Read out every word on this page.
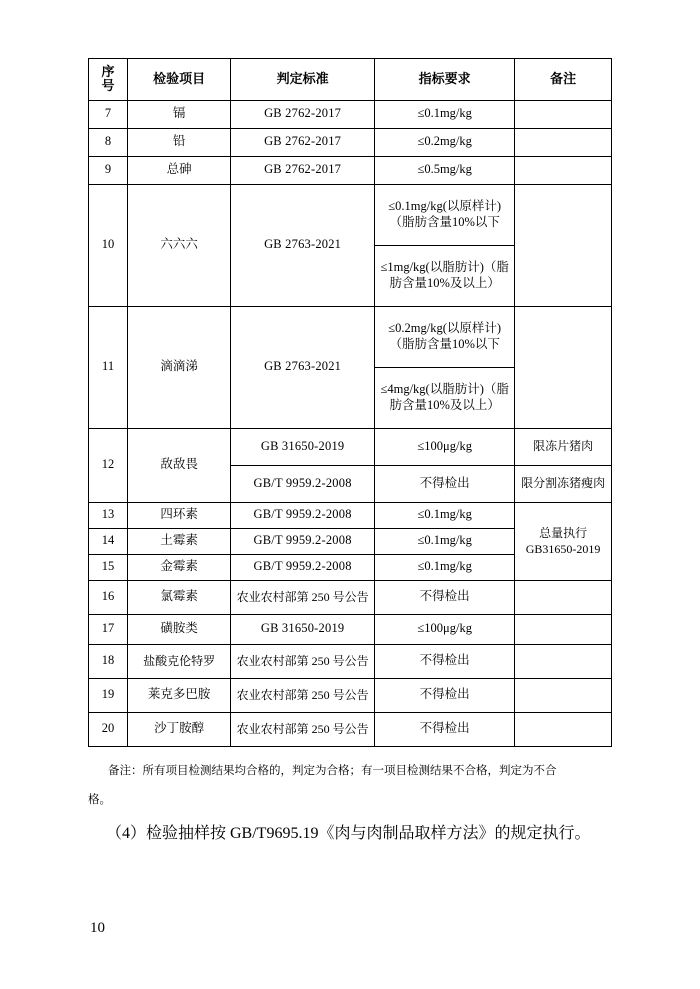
序号	检验项目	判定标准	指标要求	备注
7	镉	GB 2762-2017	≤0.1mg/kg	
8	铅	GB 2762-2017	≤0.2mg/kg	
9	总砷	GB 2762-2017	≤0.5mg/kg	
10	六六六	GB 2763-2021	≤0.1mg/kg(以原样计)（脂肪含量10%以下	
			≤1mg/kg(以脂肪计)（脂肪含量10%及以上）	
11	滴滴涕	GB 2763-2021	≤0.2mg/kg(以原样计)（脂肪含量10%以下	
			≤4mg/kg(以脂肪计)（脂肪含量10%及以上）	
12	敌敌畏	GB 31650-2019	≤100μg/kg	限冻片猪肉
		GB/T 9959.2-2008	不得检出	限分割冻猪瘦肉
13	四环素	GB/T 9959.2-2008	≤0.1mg/kg	总量执行GB31650-2019
14	土霉素	GB/T 9959.2-2008	≤0.1mg/kg	
15	金霉素	GB/T 9959.2-2008	≤0.1mg/kg	
16	氯霉素	农业农村部第 250 号公告	不得检出	
17	磺胺类	GB 31650-2019	≤100μg/kg	
18	盐酸克伦特罗	农业农村部第 250 号公告	不得检出	
19	莱克多巴胺	农业农村部第 250 号公告	不得检出	
20	沙丁胺醇	农业农村部第 250 号公告	不得检出	
备注：所有项目检测结果均合格的，判定为合格；有一项目检测结果不合格，判定为不合
格。
（4）检验抽样按 GB/T9695.19《肉与肉制品取样方法》的规定执行。
10
